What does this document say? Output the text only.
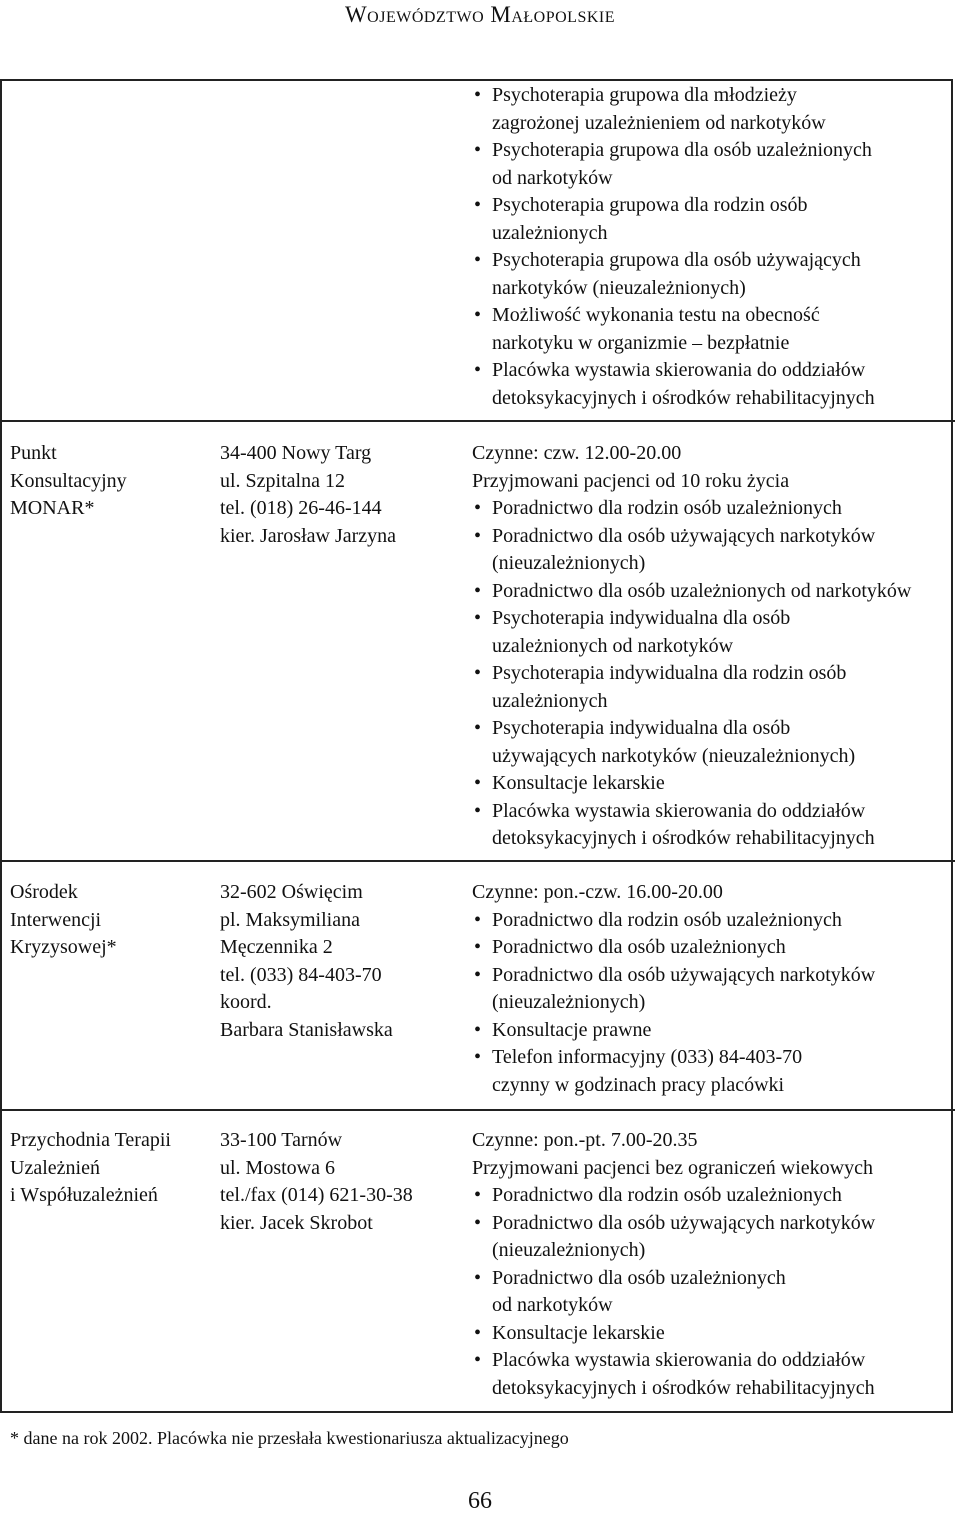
Województwo Małopolskie
• Psychoterapia grupowa dla młodzieży
zagrożonej uzależnieniem od narkotyków
• Psychoterapia grupowa dla osób uzależnionych
od narkotyków
• Psychoterapia grupowa dla rodzin osób
uzależnionych
• Psychoterapia grupowa dla osób używających
narkotyków (nieuzależnionych)
• Możliwość wykonania testu na obecność
narkotyku w organizmie – bezpłatnie
• Placówka wystawia skierowania do oddziałów
detoksykacyjnych i ośrodków rehabilitacyjnych
Punkt
Konsultacyjny
MONAR*
34-400 Nowy Targ
ul. Szpitalna 12
tel. (018) 26-46-144
kier. Jarosław Jarzyna
Czynne: czw. 12.00-20.00
Przyjmowani pacjenci od 10 roku życia
• Poradnictwo dla rodzin osób uzależnionych
• Poradnictwo dla osób używających narkotyków
(nieuzależnionych)
• Poradnictwo dla osób uzależnionych od narkotyków
• Psychoterapia indywidualna dla osób
uzależnionych od narkotyków
• Psychoterapia indywidualna dla rodzin osób
uzależnionych
• Psychoterapia indywidualna dla osób
używających narkotyków (nieuzależnionych)
• Konsultacje lekarskie
• Placówka wystawia skierowania do oddziałów
detoksykacyjnych i ośrodków rehabilitacyjnych
Ośrodek
Interwencji
Kryzysowej*
32-602 Oświęcim
pl. Maksymiliana
Męczennika 2
tel. (033) 84-403-70
koord.
Barbara Stanisławska
Czynne: pon.-czw. 16.00-20.00
• Poradnictwo dla rodzin osób uzależnionych
• Poradnictwo dla osób uzależnionych
• Poradnictwo dla osób używających narkotyków
(nieuzależnionych)
• Konsultacje prawne
• Telefon informacyjny (033) 84-403-70
czynny w godzinach pracy placówki
Przychodnia Terapii
Uzależnień
i Współuzależnień
33-100 Tarnów
ul. Mostowa 6
tel./fax (014) 621-30-38
kier. Jacek Skrobot
Czynne: pon.-pt. 7.00-20.35
Przyjmowani pacjenci bez ograniczeń wiekowych
• Poradnictwo dla rodzin osób uzależnionych
• Poradnictwo dla osób używających narkotyków
(nieuzależnionych)
• Poradnictwo dla osób uzależnionych
od narkotyków
• Konsultacje lekarskie
• Placówka wystawia skierowania do oddziałów
detoksykacyjnych i ośrodków rehabilitacyjnych
* dane na rok 2002. Placówka nie przesłała kwestionariusza aktualizacyjnego
66
